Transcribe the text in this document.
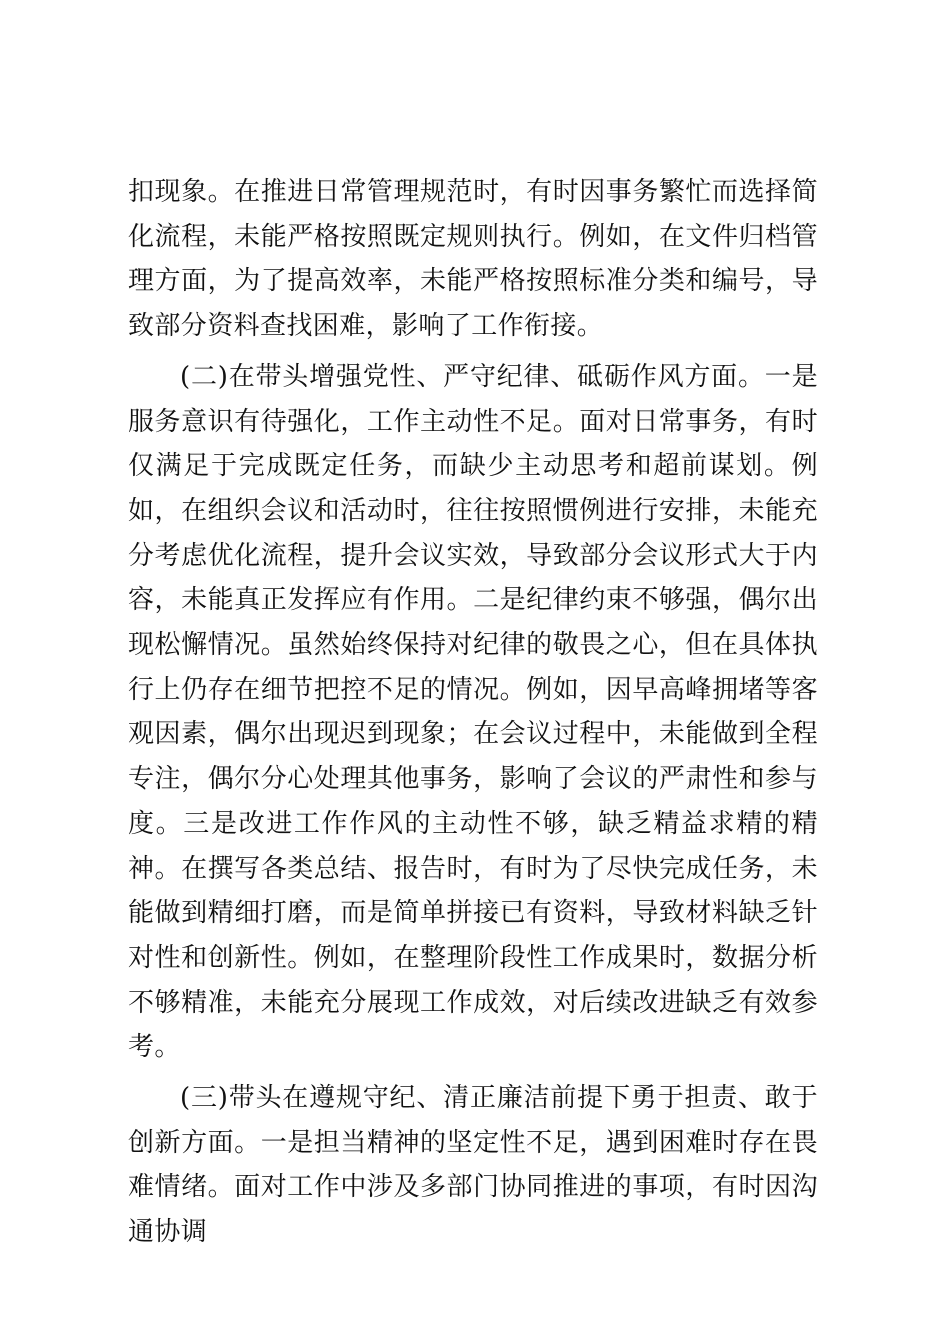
扣现象。在推进日常管理规范时，有时因事务繁忙而选择简化流程，未能严格按照既定规则执行。例如，在文件归档管理方面，为了提高效率，未能严格按照标准分类和编号，导致部分资料查找困难，影响了工作衔接。

(二)在带头增强党性、严守纪律、砥砺作风方面。一是服务意识有待强化，工作主动性不足。面对日常事务，有时仅满足于完成既定任务，而缺少主动思考和超前谋划。例如，在组织会议和活动时，往往按照惯例进行安排，未能充分考虑优化流程，提升会议实效，导致部分会议形式大于内容，未能真正发挥应有作用。二是纪律约束不够强，偶尔出现松懈情况。虽然始终保持对纪律的敬畏之心，但在具体执行上仍存在细节把控不足的情况。例如，因早高峰拥堵等客观因素，偶尔出现迟到现象；在会议过程中，未能做到全程专注，偶尔分心处理其他事务，影响了会议的严肃性和参与度。三是改进工作作风的主动性不够，缺乏精益求精的精神。在撰写各类总结、报告时，有时为了尽快完成任务，未能做到精细打磨，而是简单拼接已有资料，导致材料缺乏针对性和创新性。例如，在整理阶段性工作成果时，数据分析不够精准，未能充分展现工作成效，对后续改进缺乏有效参考。

(三)带头在遵规守纪、清正廉洁前提下勇于担责、敢于创新方面。一是担当精神的坚定性不足，遇到困难时存在畏难情绪。面对工作中涉及多部门协同推进的事项，有时因沟通协调
